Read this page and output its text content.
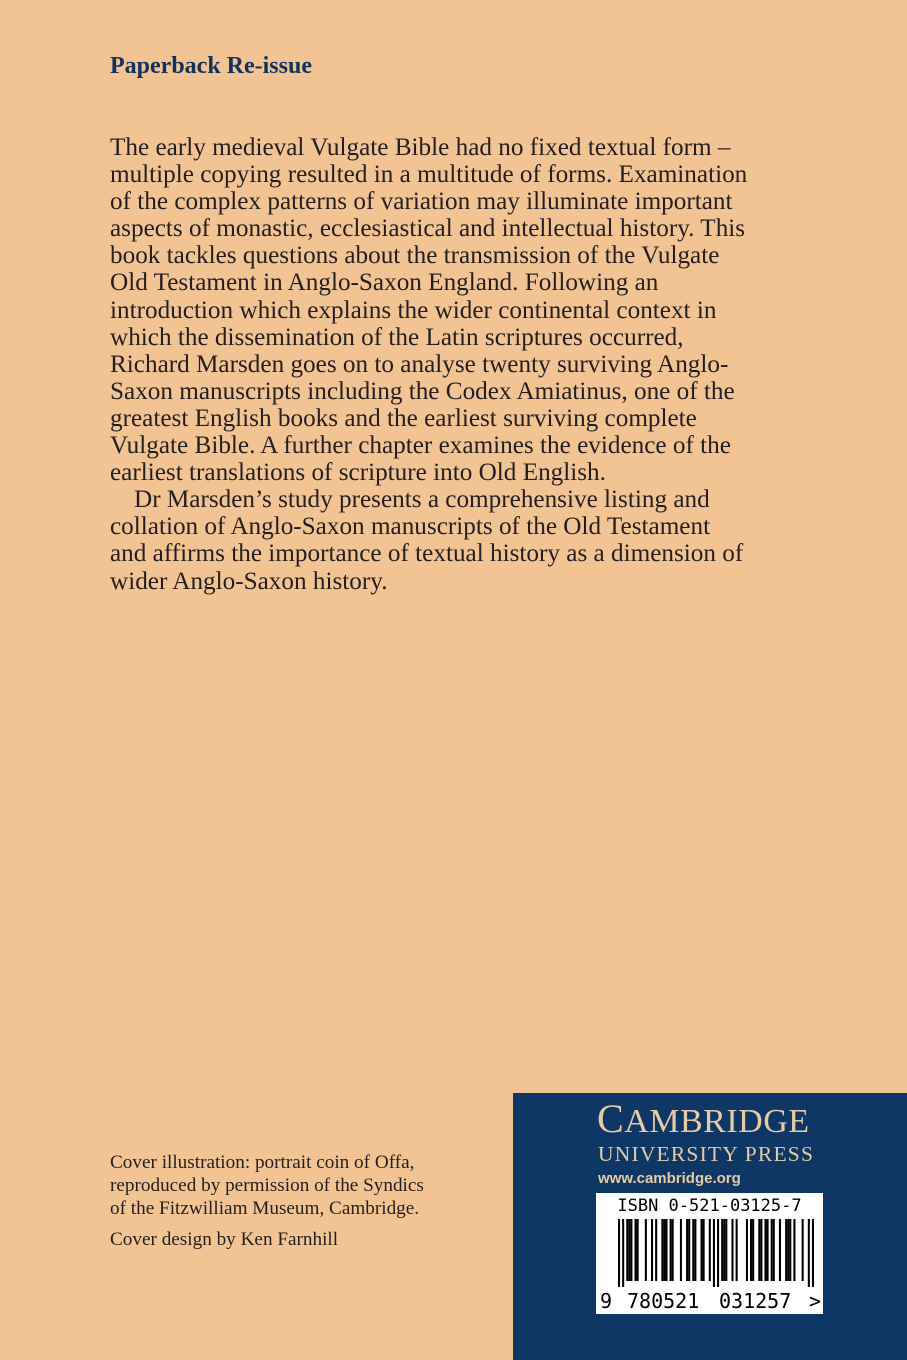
Paperback Re-issue
The early medieval Vulgate Bible had no fixed textual form –
multiple copying resulted in a multitude of forms. Examination
of the complex patterns of variation may illuminate important
aspects of monastic, ecclesiastical and intellectual history. This
book tackles questions about the transmission of the Vulgate
Old Testament in Anglo-Saxon England. Following an
introduction which explains the wider continental context in
which the dissemination of the Latin scriptures occurred,
Richard Marsden goes on to analyse twenty surviving Anglo-
Saxon manuscripts including the Codex Amiatinus, one of the
greatest English books and the earliest surviving complete
Vulgate Bible. A further chapter examines the evidence of the
earliest translations of scripture into Old English.
Dr Marsden’s study presents a comprehensive listing and
collation of Anglo-Saxon manuscripts of the Old Testament
and affirms the importance of textual history as a dimension of
wider Anglo-Saxon history.
Cover illustration: portrait coin of Offa,
reproduced by permission of the Syndics
of the Fitzwilliam Museum, Cambridge.
Cover design by Ken Farnhill
CAMBRIDGE
UNIVERSITY PRESS
www.cambridge.org
ISBN 0-521-03125-7
9 780521 031257 >
